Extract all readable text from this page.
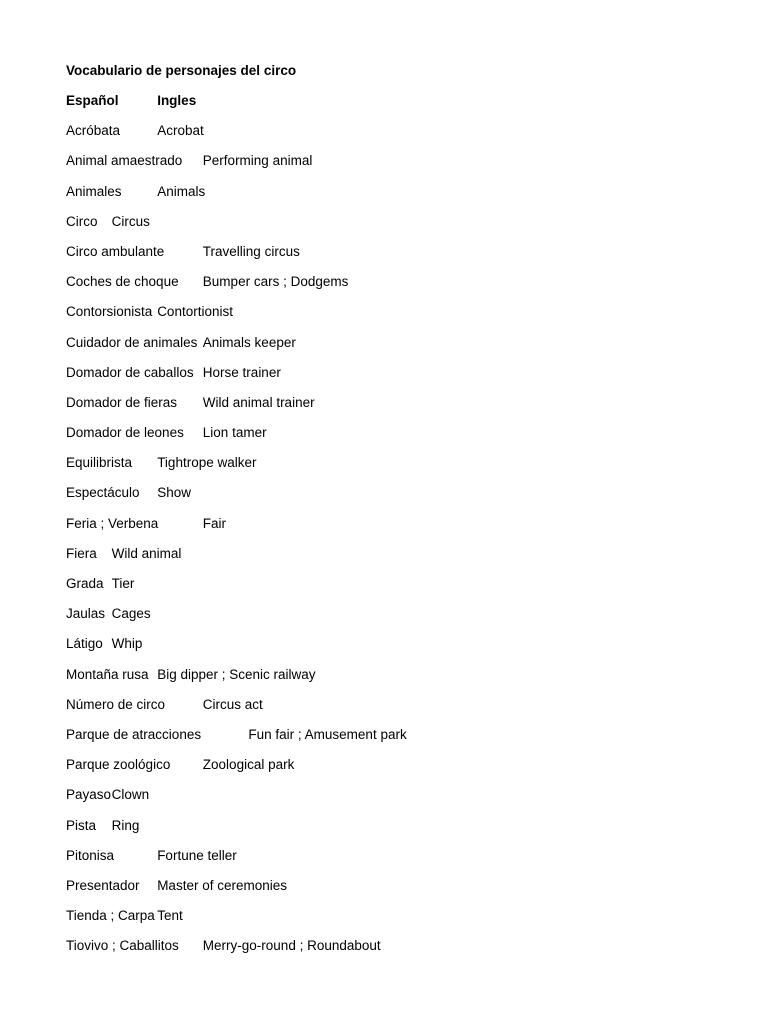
Vocabulario de personajes del circo
Español	Ingles
Acróbata	Acrobat
Animal amaestrado	Performing animal
Animales	Animals
Circo	Circus
Circo ambulante	Travelling circus
Coches de choque	Bumper cars ; Dodgems
Contorsionista Contortionist
Cuidador de animales Animals keeper
Domador de caballos Horse trainer
Domador de fieras	Wild animal trainer
Domador de leones	Lion tamer
Equilibrista	Tightrope walker
Espectáculo	Show
Feria ; Verbena	Fair
Fiera	Wild animal
Grada Tier
Jaulas Cages
Látigo Whip
Montaña rusa Big dipper ; Scenic railway
Número de circo	Circus act
Parque de atracciones	Fun fair ; Amusement park
Parque zoológico	Zoological park
Payaso Clown
Pista	Ring
Pitonisa	Fortune teller
Presentador	Master of ceremonies
Tienda ; Carpa Tent
Tiovivo ; Caballitos	Merry-go-round ; Roundabout
